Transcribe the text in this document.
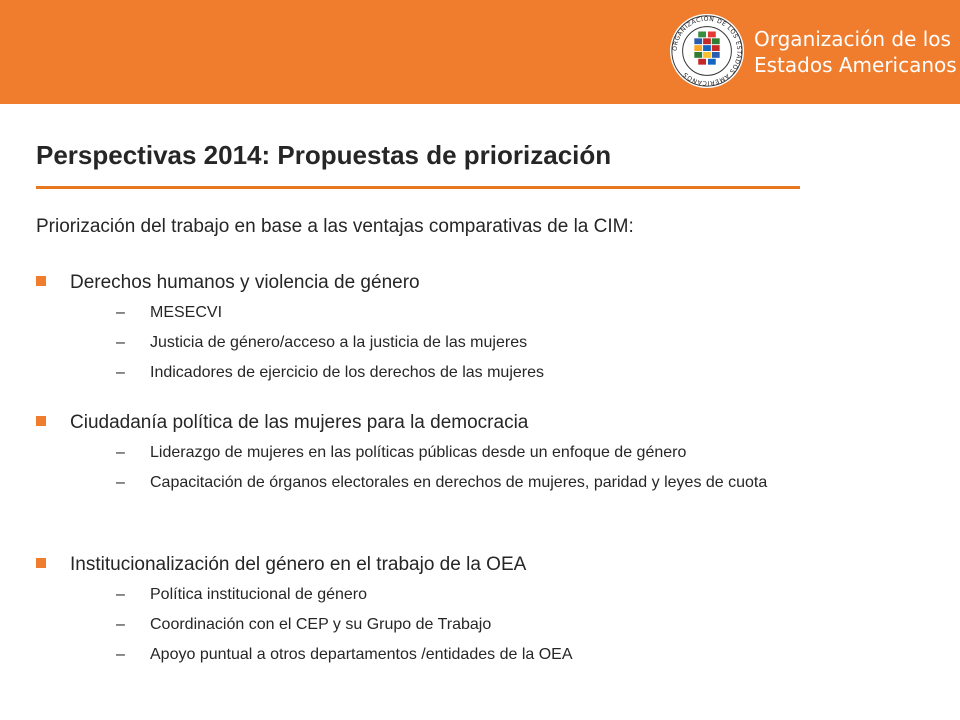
ORGANIZACIÓN DE LOS ESTADOS AMERICANOS
Organización de los
Estados Americanos
Perspectivas 2014: Propuestas de priorización
Priorización del trabajo en base a las ventajas comparativas de la CIM:
Derechos humanos y violencia de género
–	MESECVI
–	Justicia de género/acceso a la justicia de las mujeres
–	Indicadores de ejercicio de los derechos de las mujeres
Ciudadanía política de las mujeres para la democracia
–	Liderazgo de mujeres en las políticas públicas desde un enfoque de género
–	Capacitación de órganos electorales en derechos de mujeres, paridad y leyes de cuota
Institucionalización del género en el trabajo de la OEA
–	Política institucional de género
–	Coordinación con el CEP y su Grupo de Trabajo
–	Apoyo puntual a otros departamentos /entidades de la OEA
